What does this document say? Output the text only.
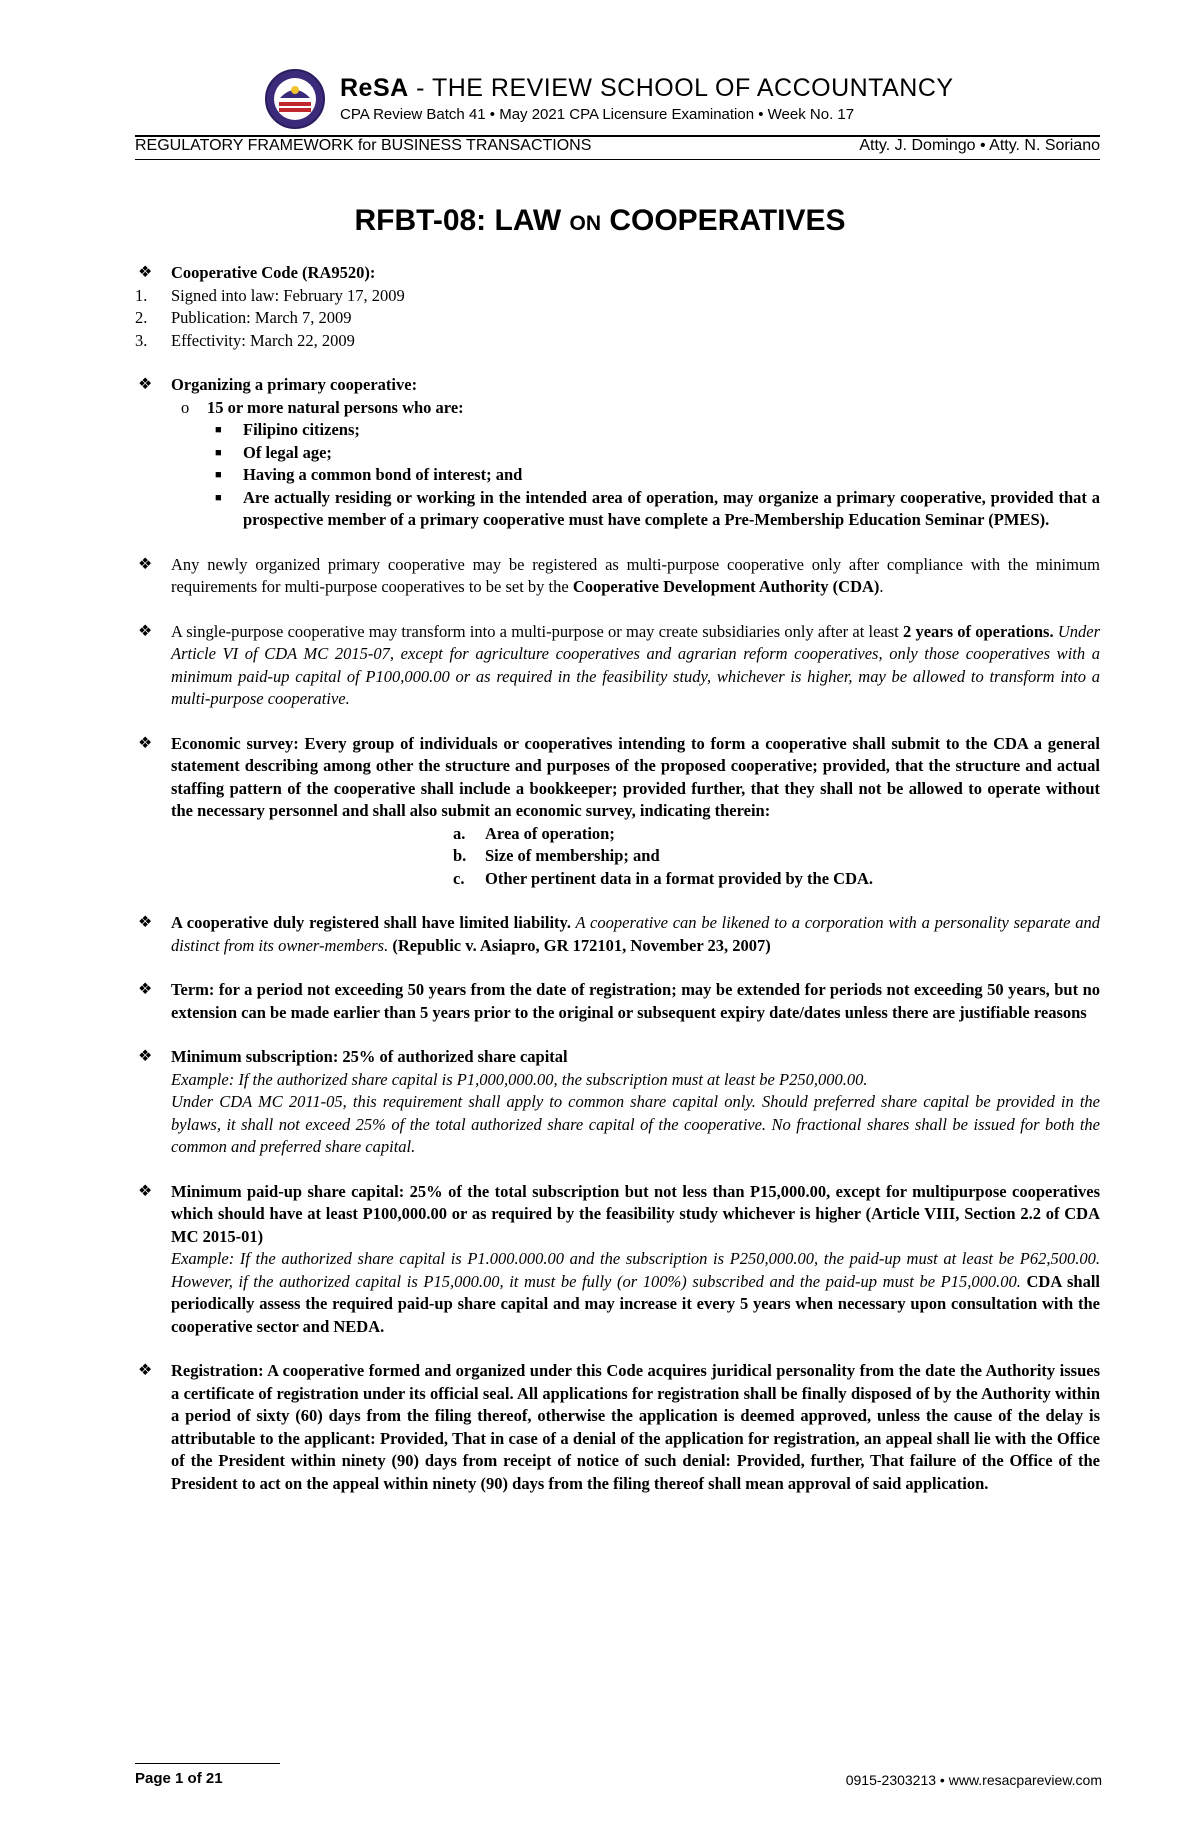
ReSA - THE REVIEW SCHOOL OF ACCOUNTANCY
CPA Review Batch 41 • May 2021 CPA Licensure Examination • Week No. 17
REGULATORY FRAMEWORK for BUSINESS TRANSACTIONS	Atty. J. Domingo • Atty. N. Soriano
RFBT-08: LAW ON COOPERATIVES
❖ Cooperative Code (RA9520):
1. Signed into law: February 17, 2009
2. Publication: March 7, 2009
3. Effectivity: March 22, 2009
❖ Organizing a primary cooperative:
o 15 or more natural persons who are:
■ Filipino citizens;
■ Of legal age;
■ Having a common bond of interest; and
■ Are actually residing or working in the intended area of operation, may organize a primary cooperative, provided that a prospective member of a primary cooperative must have complete a Pre-Membership Education Seminar (PMES).
❖ Any newly organized primary cooperative may be registered as multi-purpose cooperative only after compliance with the minimum requirements for multi-purpose cooperatives to be set by the Cooperative Development Authority (CDA).
❖ A single-purpose cooperative may transform into a multi-purpose or may create subsidiaries only after at least 2 years of operations. Under Article VI of CDA MC 2015-07, except for agriculture cooperatives and agrarian reform cooperatives, only those cooperatives with a minimum paid-up capital of P100,000.00 or as required in the feasibility study, whichever is higher, may be allowed to transform into a multi-purpose cooperative.
❖ Economic survey: Every group of individuals or cooperatives intending to form a cooperative shall submit to the CDA a general statement describing among other the structure and purposes of the proposed cooperative; provided, that the structure and actual staffing pattern of the cooperative shall include a bookkeeper; provided further, that they shall not be allowed to operate without the necessary personnel and shall also submit an economic survey, indicating therein:
a. Area of operation;
b. Size of membership; and
c. Other pertinent data in a format provided by the CDA.
❖ A cooperative duly registered shall have limited liability. A cooperative can be likened to a corporation with a personality separate and distinct from its owner-members. (Republic v. Asiapro, GR 172101, November 23, 2007)
❖ Term: for a period not exceeding 50 years from the date of registration; may be extended for periods not exceeding 50 years, but no extension can be made earlier than 5 years prior to the original or subsequent expiry date/dates unless there are justifiable reasons
❖ Minimum subscription: 25% of authorized share capital
Example: If the authorized share capital is P1,000,000.00, the subscription must at least be P250,000.00.
Under CDA MC 2011-05, this requirement shall apply to common share capital only. Should preferred share capital be provided in the bylaws, it shall not exceed 25% of the total authorized share capital of the cooperative. No fractional shares shall be issued for both the common and preferred share capital.
❖ Minimum paid-up share capital: 25% of the total subscription but not less than P15,000.00, except for multipurpose cooperatives which should have at least P100,000.00 or as required by the feasibility study whichever is higher (Article VIII, Section 2.2 of CDA MC 2015-01)
Example: If the authorized share capital is P1.000.000.00 and the subscription is P250,000.00, the paid-up must at least be P62,500.00. However, if the authorized capital is P15,000.00, it must be fully (or 100%) subscribed and the paid-up must be P15,000.00. CDA shall periodically assess the required paid-up share capital and may increase it every 5 years when necessary upon consultation with the cooperative sector and NEDA.
❖ Registration: A cooperative formed and organized under this Code acquires juridical personality from the date the Authority issues a certificate of registration under its official seal. All applications for registration shall be finally disposed of by the Authority within a period of sixty (60) days from the filing thereof, otherwise the application is deemed approved, unless the cause of the delay is attributable to the applicant: Provided, That in case of a denial of the application for registration, an appeal shall lie with the Office of the President within ninety (90) days from receipt of notice of such denial: Provided, further, That failure of the Office of the President to act on the appeal within ninety (90) days from the filing thereof shall mean approval of said application.
Page 1 of 21	0915-2303213 • www.resacpareview.com
